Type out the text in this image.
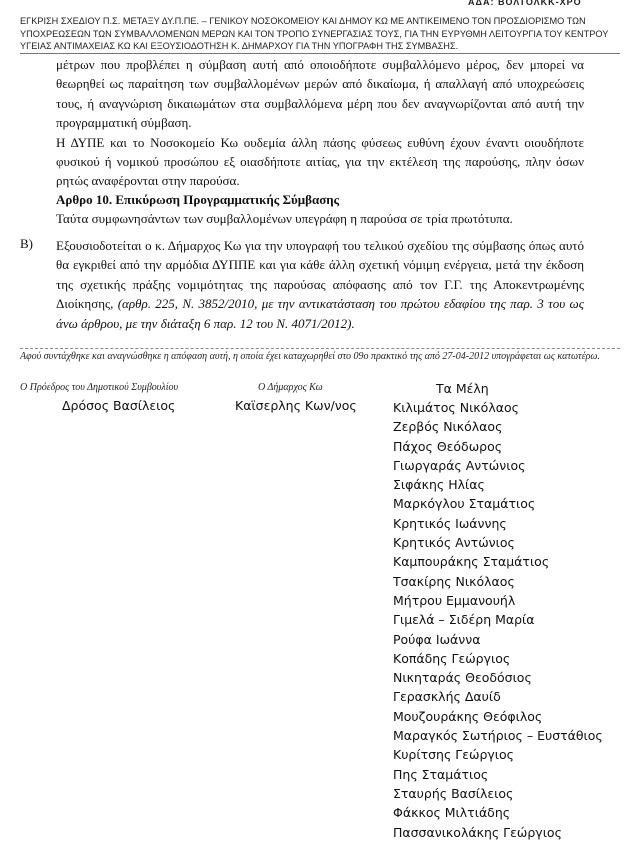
ΑΔΑ: ΒΟΛΤΟΛΚΚ-ΧΡΟ
ΕΓΚΡΙΣΗ ΣΧΕΔΙΟΥ Π.Σ. ΜΕΤΑΞΥ ΔΥ.Π.ΠΕ. – ΓΕΝΙΚΟΥ ΝΟΣΟΚΟΜΕΙΟΥ ΚΑΙ ΔΗΜΟΥ ΚΩ ΜΕ ΑΝΤΙΚΕΙΜΕΝΟ ΤΟΝ ΠΡΟΣΔΙΟΡΙΣΜΟ ΤΩΝ ΥΠΟΧΡΕΩΣΕΩΝ ΤΩΝ ΣΥΜΒΑΛΛΟΜΕΝΩΝ ΜΕΡΩΝ ΚΑΙ ΤΟΝ ΤΡΟΠΟ ΣΥΝΕΡΓΑΣΙΑΣ ΤΟΥΣ, ΓΙΑ ΤΗΝ ΕΥΡΥΘΜΗ ΛΕΙΤΟΥΡΓΙΑ ΤΟΥ ΚΕΝΤΡΟΥ ΥΓΕΙΑΣ ΑΝΤΙΜΑΧΕΙΑΣ ΚΩ ΚΑΙ ΕΞΟΥΣΙΟΔΟΤΗΣΗ Κ. ΔΗΜΑΡΧΟΥ ΓΙΑ ΤΗΝ ΥΠΟΓΡΑΦΗ ΤΗΣ ΣΥΜΒΑΣΗΣ.

μέτρων που προβλέπει η σύμβαση αυτή από οποιοδήποτε συμβαλλόμενο μέρος, δεν μπορεί να θεωρηθεί ως παραίτηση των συμβαλλομένων μερών από δικαίωμα, ή απαλλαγή από υποχρεώσεις τους, ή αναγνώριση δικαιωμάτων στα συμβαλλόμενα μέρη που δεν αναγνωρίζονται από αυτή την προγραμματική σύμβαση.

Η ΔΥΠΕ και το Νοσοκομείο Κω ουδεμία άλλη πάσης φύσεως ευθύνη έχουν έναντι οιουδήποτε φυσικού ή νομικού προσώπου εξ οιασδήποτε αιτίας, για την εκτέλεση της παρούσης, πλην όσων ρητώς αναφέρονται στην παρούσα.

Αρθρο 10. Επικύρωση Προγραμματικής Σύμβασης

Ταύτα συμφωνησάντων των συμβαλλομένων υπεγράφη η παρούσα σε τρία πρωτότυπα.

Β) Εξουσιοδοτείται ο κ. Δήμαρχος Κω για την υπογραφή του τελικού σχεδίου της σύμβασης όπως αυτό θα εγκριθεί από την αρμόδια ΔΥΠΠΕ και για κάθε άλλη σχετική νόμιμη ενέργεια, μετά την έκδοση της σχετικής πράξης νομιμότητας της παρούσας απόφασης από τον Γ.Γ. της Αποκεντρωμένης Διοίκησης, (αρθρ. 225, Ν. 3852/2010, με την αντικατάσταση του πρώτου εδαφίου της παρ. 3 του ως άνω άρθρου, με την διάταξη 6 παρ. 12 του Ν. 4071/2012).

Αφού συντάχθηκε και αναγνώσθηκε η απόφαση αυτή, η οποία έχει καταχωρηθεί στο 09ο πρακτικό της από 27-04-2012 υπογράφεται ως κατωτέρω.
Ο Πρόεδρος του Δημοτικού Συμβουλίου
Δρόσος Βασίλειος
Ο Δήμαρχος Κω
Καϊσερλης Κων/νος
Τα Μέλη
Κιλιμάτος Νικόλαος
Ζερβός Νικόλαος
Πάχος Θεόδωρος
Γιωργαράς Αντώνιος
Σιφάκης Ηλίας
Μαρκόγλου Σταμάτιος
Κρητικός Ιωάννης
Κρητικός Αντώνιος
Καμπουράκης Σταμάτιος
Τσακίρης Νικόλαος
Μήτρου Εμμανουήλ
Γιμελά – Σιδέρη Μαρία
Ρούφα Ιωάννα
Κοπάδης Γεώργιος
Νικηταράς Θεοδόσιος
Γερασκλής Δαυίδ
Μουζουράκης Θεόφιλος
Μαραγκός Σωτήριος – Ευστάθιος
Κυρίτσης Γεώργιος
Πης Σταμάτιος
Σταυρής Βασίλειος
Φάκκος Μιλτιάδης
Πασσανικολάκης Γεώργιος
